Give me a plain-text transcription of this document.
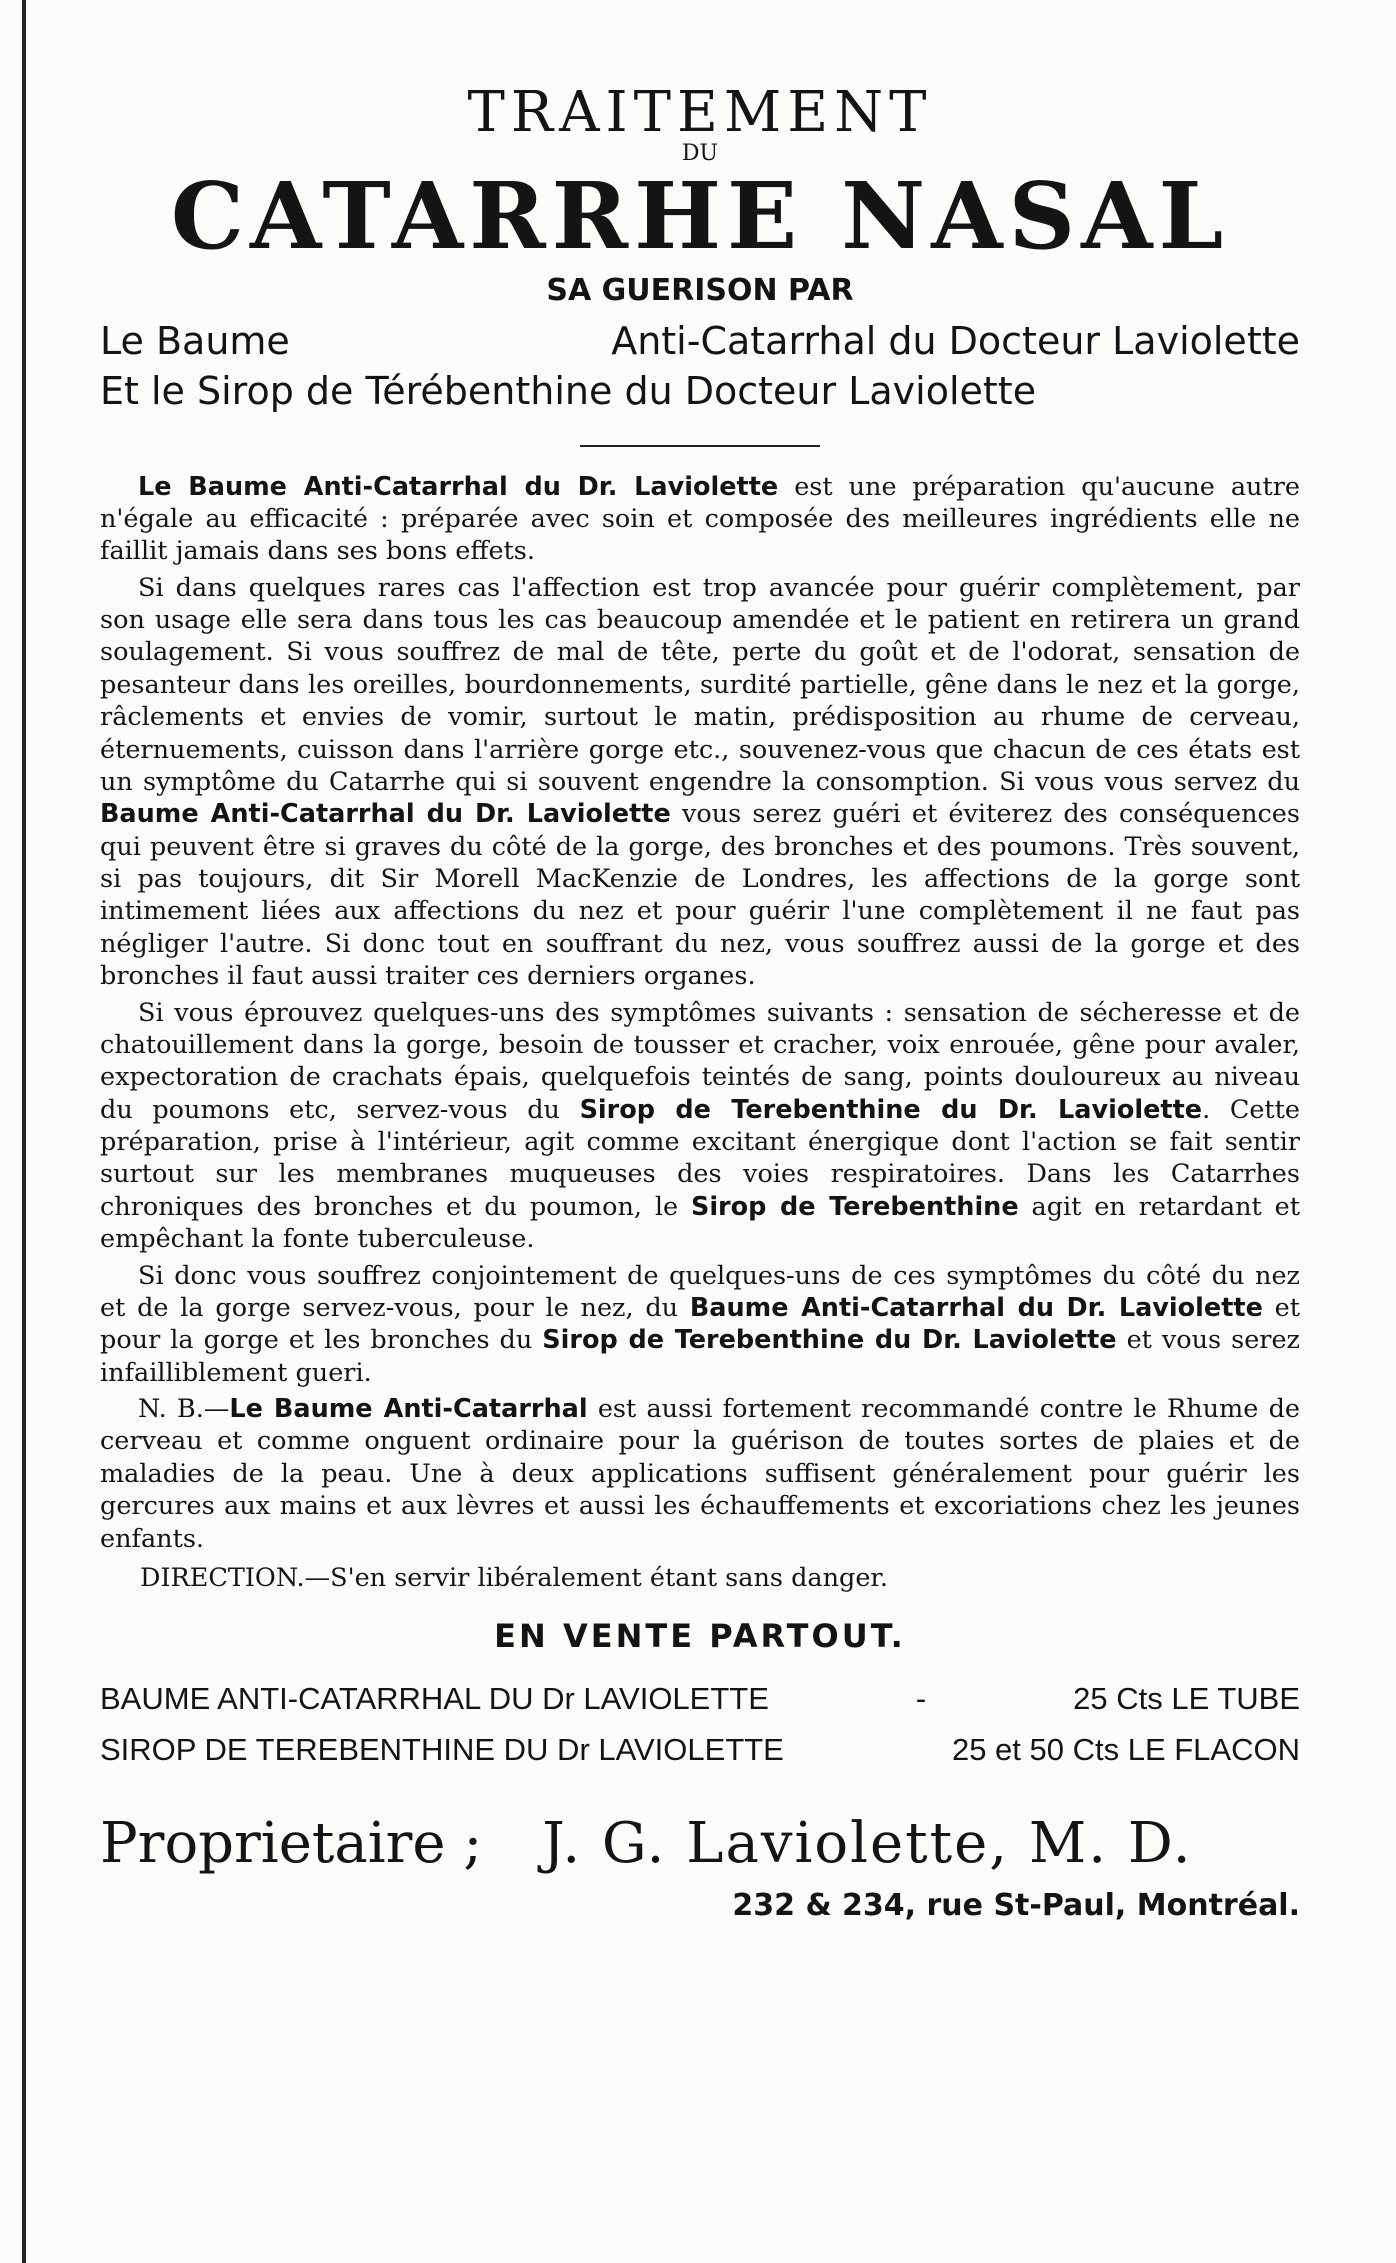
TRAITEMENT
DU
CATARRHE NASAL
SA GUERISON PAR
Le Baume	Anti-Catarrhal du Docteur Laviolette
Et le Sirop de Térébenthine du Docteur Laviolette

Le Baume Anti-Catarrhal du Dr. Laviolette est une préparation qu'aucune autre n'égale au efficacité : préparée avec soin et composée des meilleures ingrédients elle ne faillit jamais dans ses bons effets.

Si dans quelques rares cas l'affection est trop avancée pour guérir complètement, par son usage elle sera dans tous les cas beaucoup amendée et le patient en retirera un grand soulagement. Si vous souffrez de mal de tête, perte du goût et de l'odorat, sensation de pesanteur dans les oreilles, bourdonnements, surdité partielle, gêne dans le nez et la gorge, râclements et envies de vomir, surtout le matin, prédisposition au rhume de cerveau, éternuements, cuisson dans l'arrière gorge etc., souvenez-vous que chacun de ces états est un symptôme du Catarrhe qui si souvent engendre la consomption. Si vous vous servez du Baume Anti-Catarrhal du Dr. Laviolette vous serez guéri et éviterez des conséquences qui peuvent être si graves du côté de la gorge, des bronches et des poumons. Très souvent, si pas toujours, dit Sir Morell MacKenzie de Londres, les affections de la gorge sont intimement liées aux affections du nez et pour guérir l'une complètement il ne faut pas négliger l'autre. Si donc tout en souffrant du nez, vous souffrez aussi de la gorge et des bronches il faut aussi traiter ces derniers organes.

Si vous éprouvez quelques-uns des symptômes suivants : sensation de sécheresse et de chatouillement dans la gorge, besoin de tousser et cracher, voix enrouée, gêne pour avaler, expectoration de crachats épais, quelquefois teintés de sang, points douloureux au niveau du poumons etc, servez-vous du Sirop de Terebenthine du Dr. Laviolette. Cette préparation, prise à l'intérieur, agit comme excitant énergique dont l'action se fait sentir surtout sur les membranes muqueuses des voies respiratoires. Dans les Catarrhes chroniques des bronches et du poumon, le Sirop de Terebenthine agit en retardant et empêchant la fonte tuberculeuse.

Si donc vous souffrez conjointement de quelques-uns de ces symptômes du côté du nez et de la gorge servez-vous, pour le nez, du Baume Anti-Catarrhal du Dr. Laviolette et pour la gorge et les bronches du Sirop de Terebenthine du Dr. Laviolette et vous serez infailliblement gueri.

N. B.—Le Baume Anti-Catarrhal est aussi fortement recommandé contre le Rhume de cerveau et comme onguent ordinaire pour la guérison de toutes sortes de plaies et de maladies de la peau. Une à deux applications suffisent généralement pour guérir les gercures aux mains et aux lèvres et aussi les échauffements et excoriations chez les jeunes enfants.

DIRECTION.—S'en servir libéralement étant sans danger.
EN VENTE PARTOUT.
BAUME ANTI-CATARRHAL DU Dr LAVIOLETTE	-	25 Cts LE TUBE
SIROP DE TEREBENTHINE DU Dr LAVIOLETTE	25 et 50 Cts LE FLACON
Proprietaire ; J. G. Laviolette, M. D.
232 & 234, rue St-Paul, Montréal.
